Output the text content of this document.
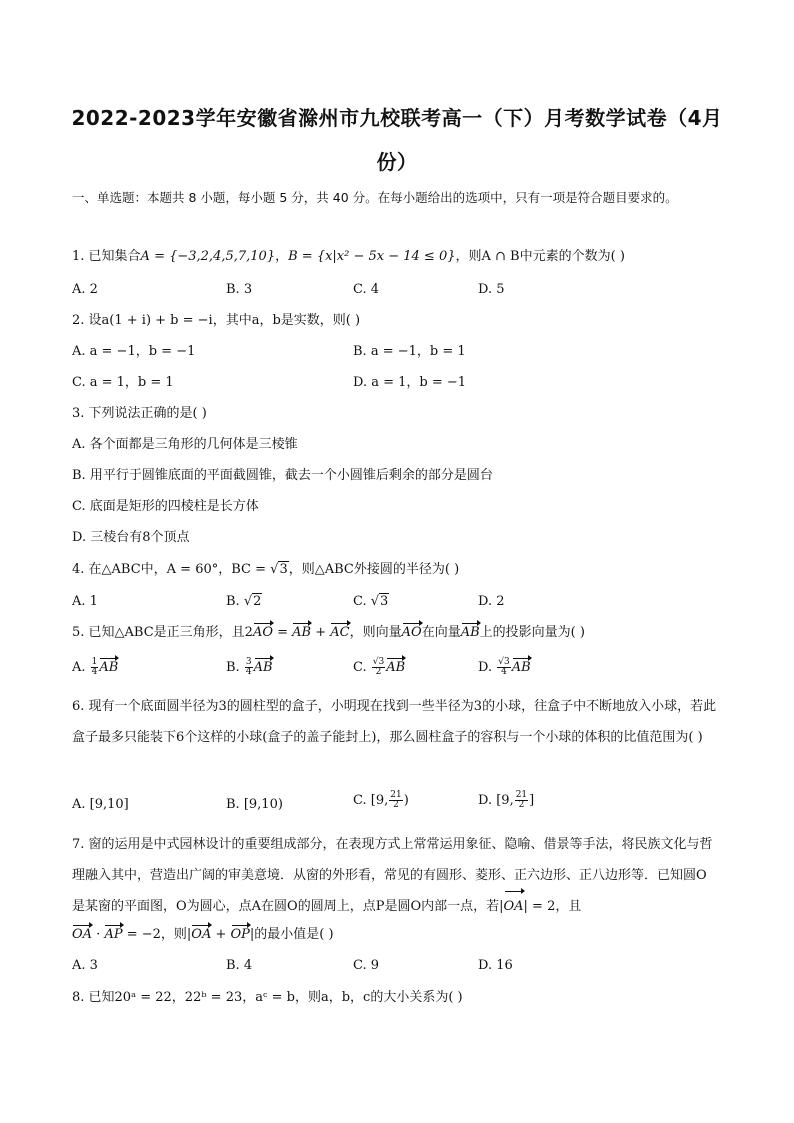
2022-2023学年安徽省滁州市九校联考高一（下）月考数学试卷（4月份）
一、单选题：本题共 8 小题，每小题 5 分，共 40 分。在每小题给出的选项中，只有一项是符合题目要求的。
1. 已知集合A = {−3,2,4,5,7,10}，B = {x|x² − 5x − 14 ≤ 0}，则A ∩ B中元素的个数为( )
A. 2	B. 3	C. 4	D. 5
2. 设a(1 + i) + b = −i，其中a，b是实数，则( )
A. a = −1，b = −1	B. a = −1，b = 1
C. a = 1，b = 1	D. a = 1，b = −1
3. 下列说法正确的是( )
A. 各个面都是三角形的几何体是三棱锥
B. 用平行于圆锥底面的平面截圆锥，截去一个小圆锥后剩余的部分是圆台
C. 底面是矩形的四棱柱是长方体
D. 三棱台有8个顶点
4. 在△ABC中，A = 60°，BC = √3，则△ABC外接圆的半径为( )
A. 1	B. √2	C. √3	D. 2
5. 已知△ABC是正三角形，且2AO = AB + AC，则向量AO在向量AB上的投影向量为( )
A. $\frac{1}{4}$ AB	B. $\frac{3}{4}$ AB	C. $\frac{√3}{2}$ AB	D. $\frac{√3}{4}$ AB
6. 现有一个底面圆半径为3的圆柱型的盒子，小明现在找到一些半径为3的小球，往盒子中不断地放入小球，若此盒子最多只能装下6个这样的小球(盒子的盖子能封上)，那么圆柱盒子的容积与一个小球的体积的比值范围为( )
A. [9,10]	B. [9,10)	C. [9, $\frac{21}{2}$ )	D. [9, $\frac{21}{2}$ ]
7. 窗的运用是中式园林设计的重要组成部分，在表现方式上常常运用象征、隐喻、借景等手法，将民族文化与哲理融入其中，营造出广阔的审美意境．从窗的外形看，常见的有圆形、菱形、正六边形、正八边形等．已知圆O是某窗的平面图，O为圆心，点A在圆O的圆周上，点P是圆O内部一点，若|OA| = 2，且
OA · AP = −2，则|OA + OP|的最小值是( )
A. 3	B. 4	C. 9	D. 16
8. 已知20ᵃ = 22，22ᵇ = 23，aᶜ = b，则a，b，c的大小关系为( )
